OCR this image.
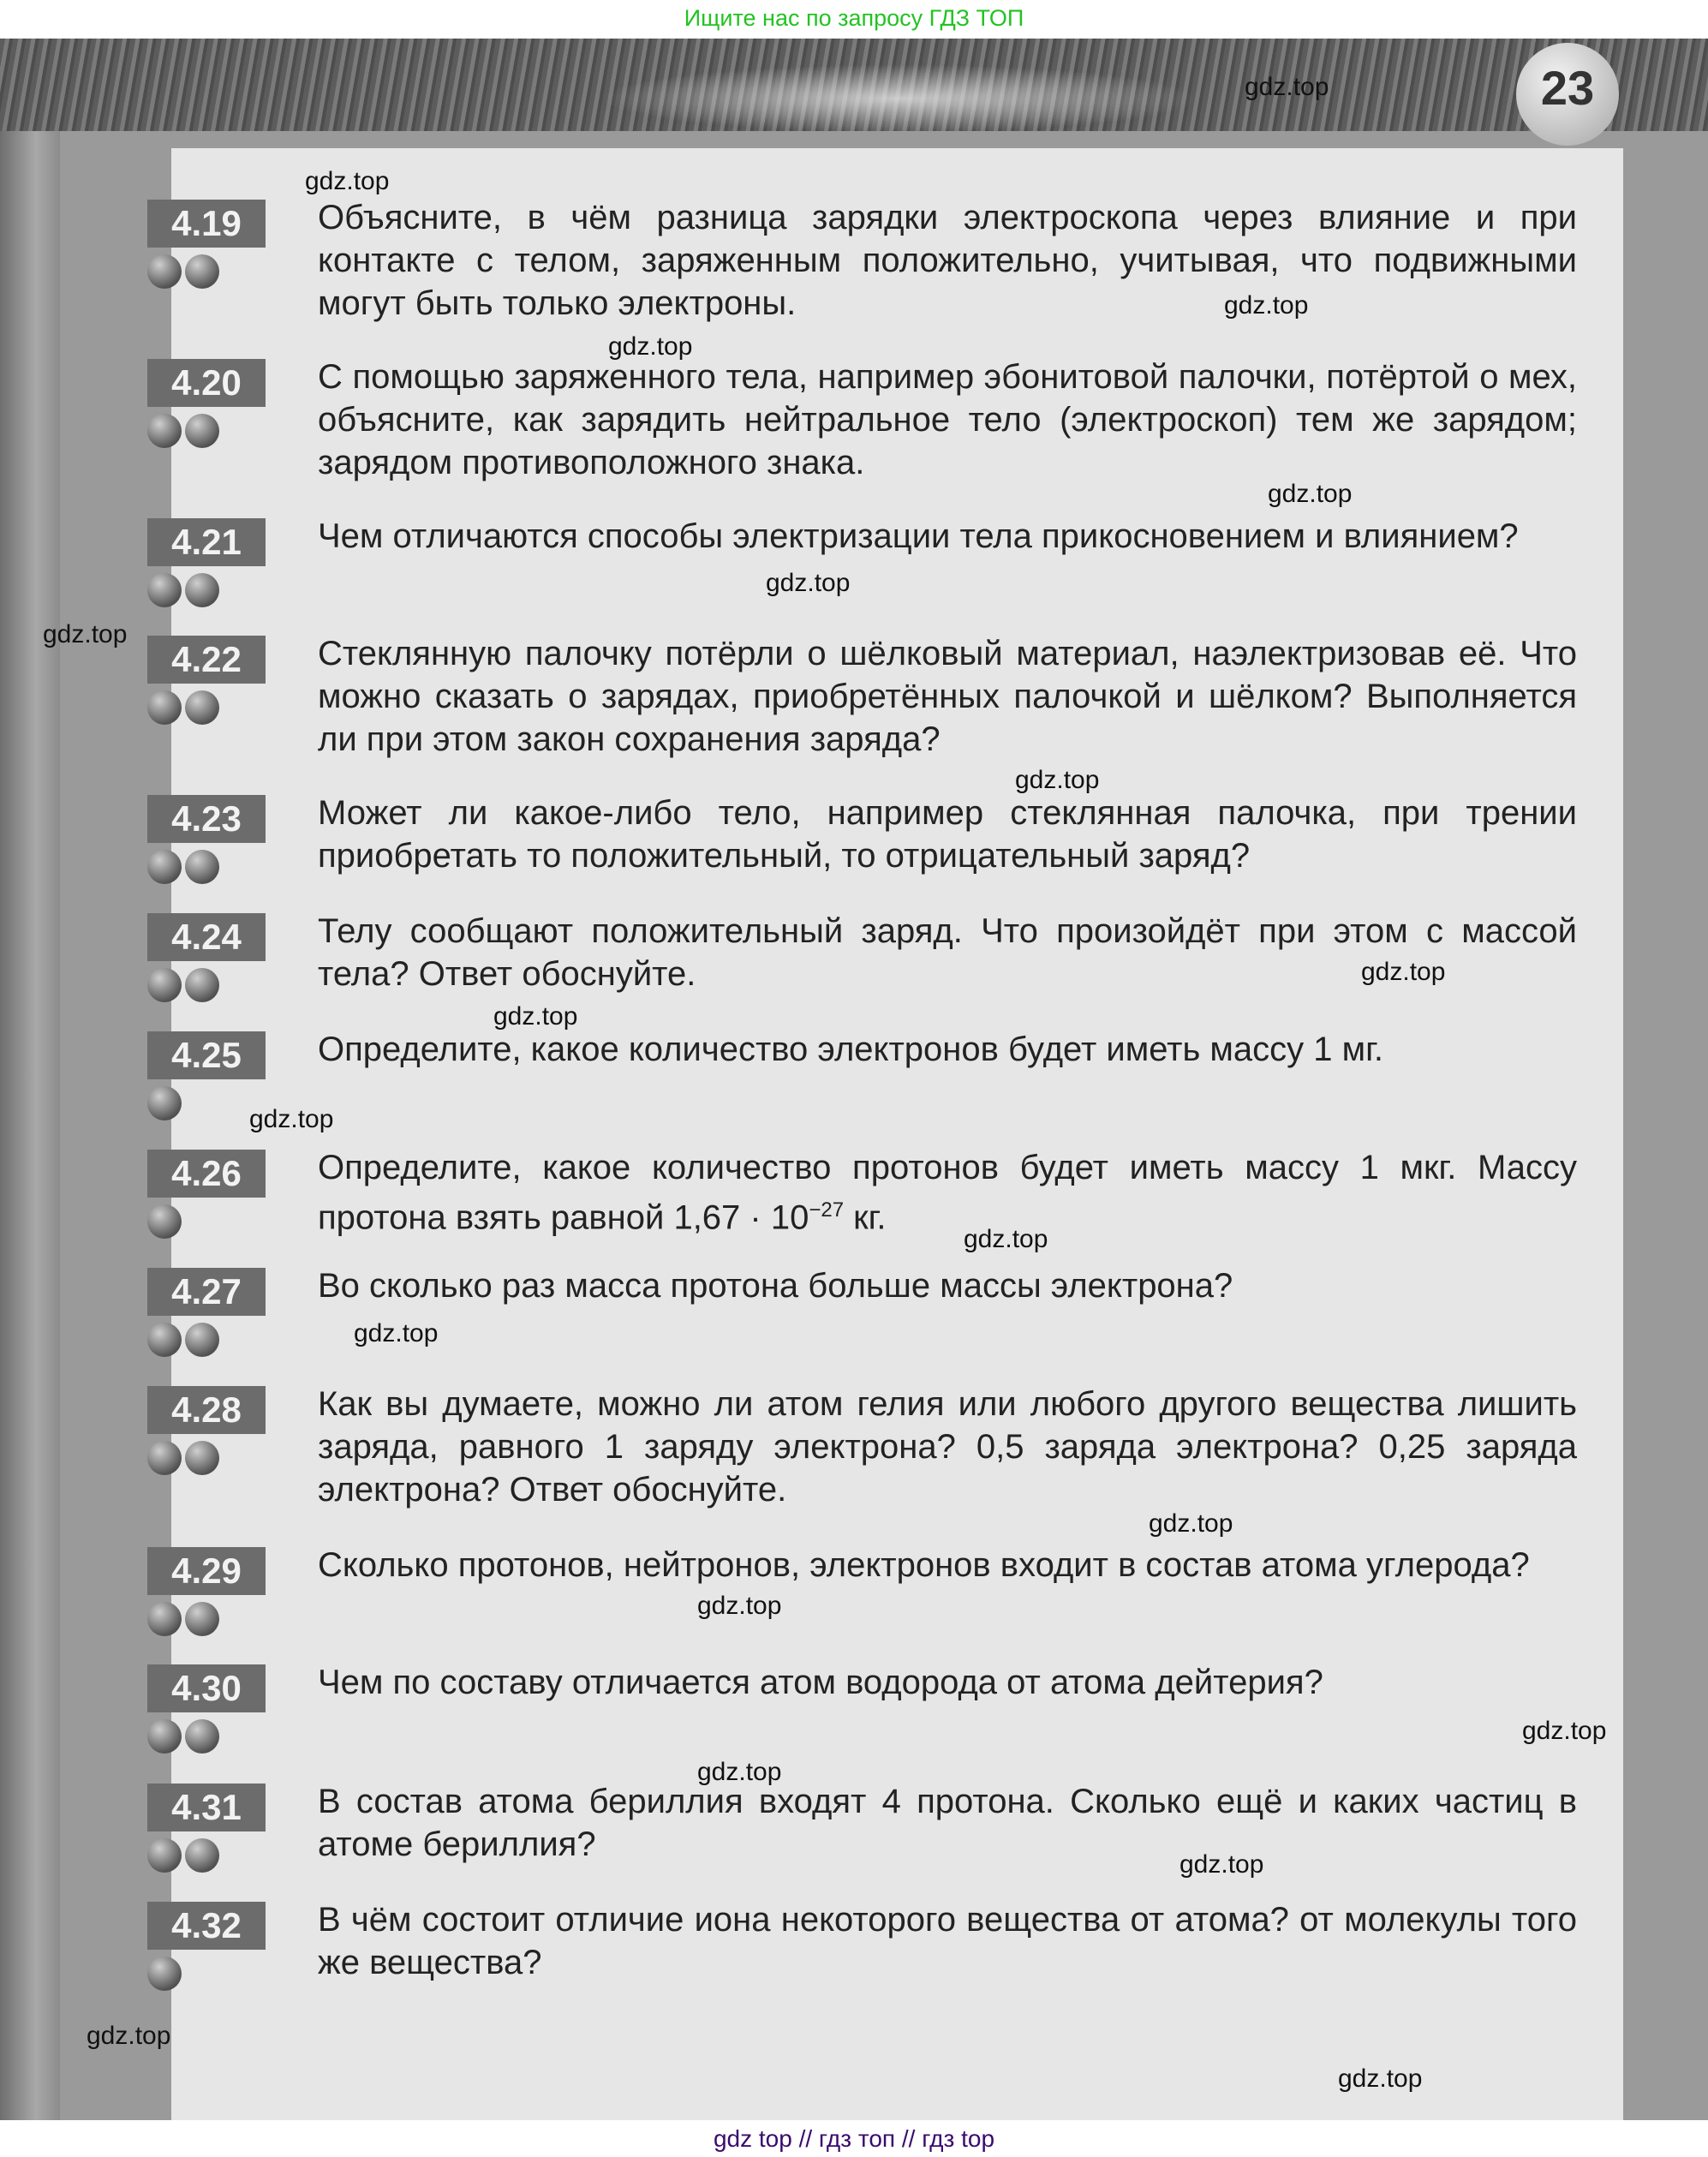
Ищите нас по запросу ГДЗ ТОП
23
4.19	Объясните, в чём разница зарядки электроскопа через влияние и при контакте с телом, заряженным положительно, учитывая, что подвижными могут быть только электроны.
4.20	С помощью заряженного тела, например эбонитовой палочки, потёртой о мех, объясните, как зарядить нейтральное тело (электроскоп) тем же зарядом; зарядом противоположного знака.
4.21	Чем отличаются способы электризации тела прикосновением и влиянием?
4.22	Стеклянную палочку потёрли о шёлковый материал, наэлектризовав её. Что можно сказать о зарядах, приобретённых палочкой и шёлком? Выполняется ли при этом закон сохранения заряда?
4.23	Может ли какое-либо тело, например стеклянная палочка, при трении приобретать то положительный, то отрицательный заряд?
4.24	Телу сообщают положительный заряд. Что произойдёт при этом с массой тела? Ответ обоснуйте.
4.25	Определите, какое количество электронов будет иметь массу 1 мг.
4.26	Определите, какое количество протонов будет иметь массу 1 мкг. Массу протона взять равной $1,67 \cdot 10^{-27}$ кг.
4.27	Во сколько раз масса протона больше массы электрона?
4.28	Как вы думаете, можно ли атом гелия или любого другого вещества лишить заряда, равного 1 заряду электрона? 0,5 заряда электрона? 0,25 заряда электрона? Ответ обоснуйте.
4.29	Сколько протонов, нейтронов, электронов входит в состав атома углерода?
4.30	Чем по составу отличается атом водорода от атома дейтерия?
4.31	В состав атома бериллия входят 4 протона. Сколько ещё и каких частиц в атоме бериллия?
4.32	В чём состоит отличие иона некоторого вещества от атома? от молекулы того же вещества?
gdz.top
gdz.top
gdz.top
gdz.top
gdz.top
gdz.top
gdz.top
gdz.top
gdz.top
gdz.top
gdz.top
gdz.top
gdz.top
gdz.top
gdz.top
gdz.top
gdz.top
gdz.top
gdz.top
gdz.top
gdz top // гдз топ // гдз top
